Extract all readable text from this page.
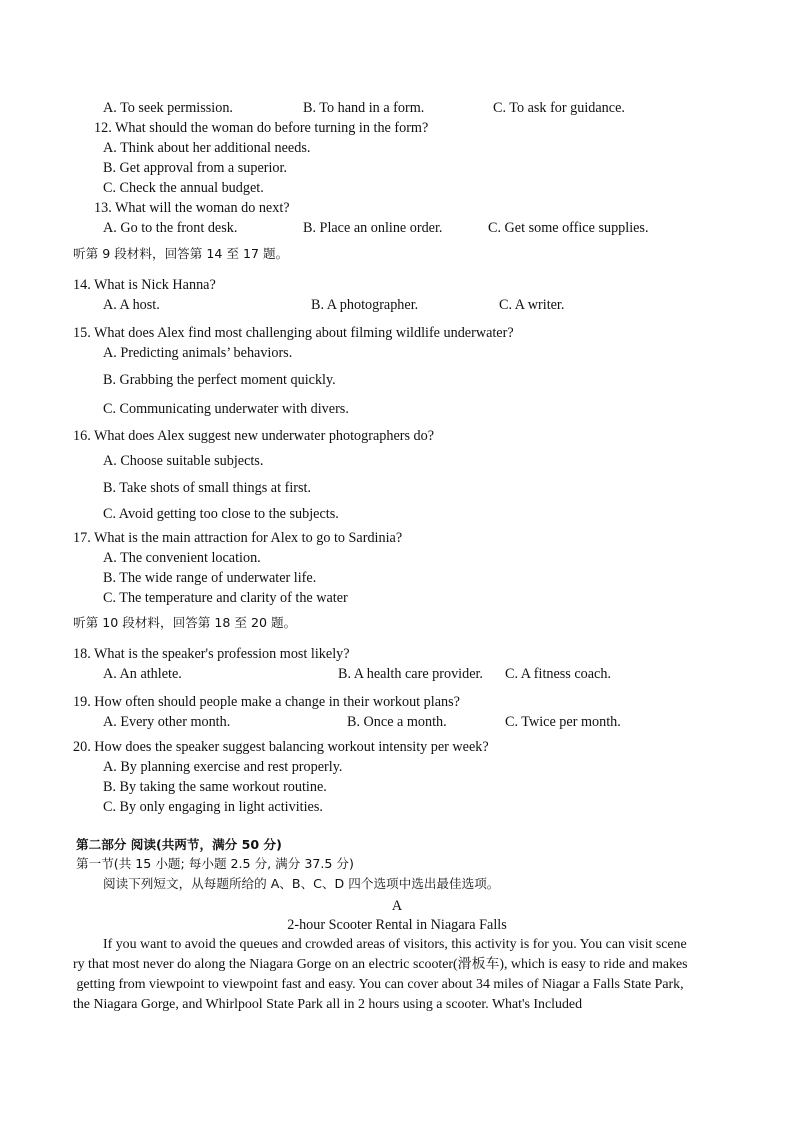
A. To seek permission.	B. To hand in a form.	C. To ask for guidance.
12. What should the woman do before turning in the form?
A. Think about her additional needs.
B. Get approval from a superior.
C. Check the annual budget.
13. What will the woman do next?
A. Go to the front desk.	B. Place an online order.	C. Get some office supplies.
听第 9 段材料，回答第 14 至 17 题。
14. What is Nick Hanna?
A. A host.	B. A photographer.	C. A writer.
15. What does Alex find most challenging about filming wildlife underwater?
A. Predicting animals’ behaviors.
B. Grabbing the perfect moment quickly.
C. Communicating underwater with divers.
16. What does Alex suggest new underwater photographers do?
A. Choose suitable subjects.
B. Take shots of small things at first.
C. Avoid getting too close to the subjects.
17. What is the main attraction for Alex to go to Sardinia?
A. The convenient location.
B. The wide range of underwater life.
C. The temperature and clarity of the water
听第 10 段材料，回答第 18 至 20 题。
18. What is the speaker's profession most likely?
A. An athlete.	B. A health care provider. C. A fitness coach.
19. How often should people make a change in their workout plans?
A. Every other month.	B. Once a month.	C. Twice per month.
20. How does the speaker suggest balancing workout intensity per week?
A. By planning exercise and rest properly.
B. By taking the same workout routine.
C. By only engaging in light activities.
第二部分 阅读(共两节，满分 50 分)
第一节(共 15 小题; 每小题 2.5 分, 满分 37.5 分)
阅读下列短文，从每题所给的 A、B、C、D 四个选项中选出最佳选项。
A
2-hour Scooter Rental in Niagara Falls
If you want to avoid the queues and crowded areas of visitors, this activity is for you. You can visit scene
ry that most never do along the Niagara Gorge on an electric scooter(滑板车), which is easy to ride and makes
getting from viewpoint to viewpoint fast and easy. You can cover about 34 miles of Niagar a Falls State Park,
the Niagara Gorge, and Whirlpool State Park all in 2 hours using a scooter. What's Included
